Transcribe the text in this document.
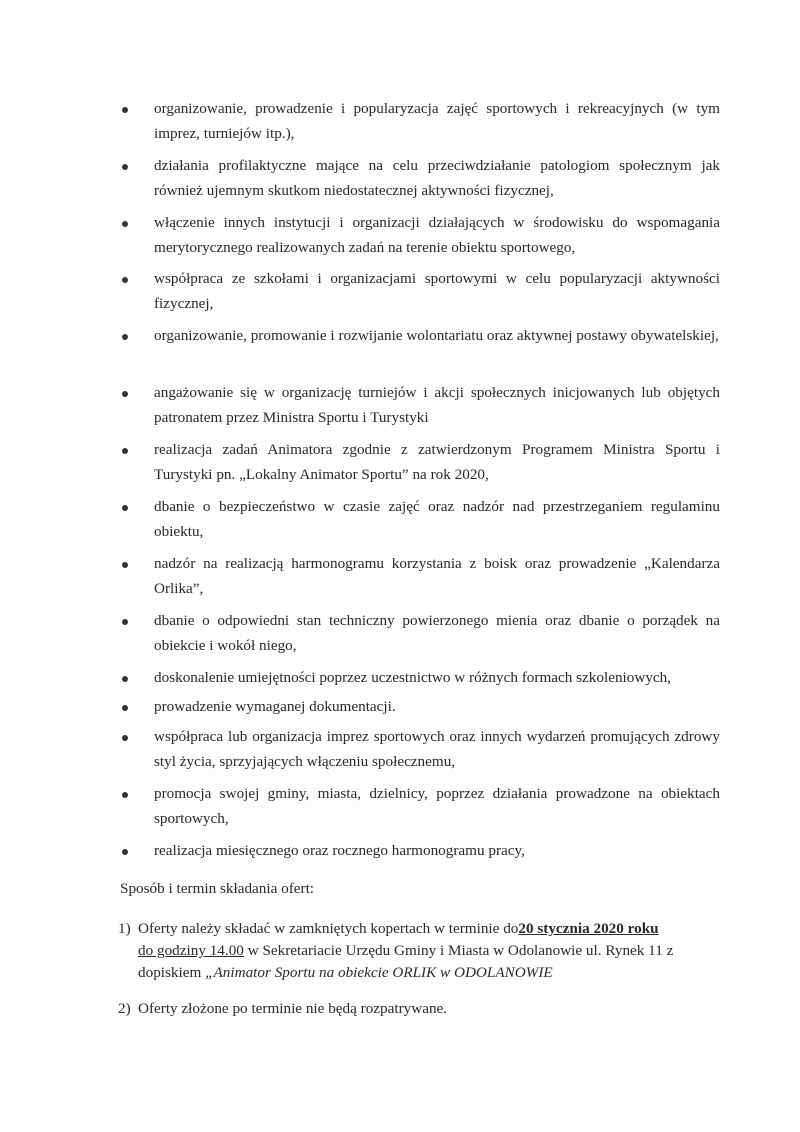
organizowanie, prowadzenie i popularyzacja zajęć sportowych i rekreacyjnych (w tym imprez, turniejów itp.),
działania profilaktyczne mające na celu przeciwdziałanie patologiom społecznym jak również ujemnym skutkom niedostatecznej aktywności fizycznej,
włączenie innych instytucji i organizacji działających w środowisku do wspomagania merytorycznego realizowanych zadań na terenie obiektu sportowego,
współpraca ze szkołami i organizacjami sportowymi w celu popularyzacji aktywności fizycznej,
organizowanie, promowanie i rozwijanie wolontariatu oraz aktywnej postawy obywatelskiej,
angażowanie się w organizację turniejów i akcji społecznych inicjowanych lub objętych patronatem przez Ministra Sportu i Turystyki
realizacja zadań Animatora zgodnie z zatwierdzonym Programem Ministra Sportu i Turystyki pn. „Lokalny Animator Sportu” na rok 2020,
dbanie o bezpieczeństwo w czasie zajęć oraz nadzór nad przestrzeganiem regulaminu obiektu,
nadzór na realizacją harmonogramu korzystania z boisk oraz prowadzenie „Kalendarza Orlika”,
dbanie o odpowiedni stan techniczny powierzonego mienia oraz dbanie o porządek na obiekcie i wokół niego,
doskonalenie umiejętności poprzez uczestnictwo w różnych formach szkoleniowych,
prowadzenie wymaganej dokumentacji.
współpraca lub organizacja imprez sportowych oraz innych wydarzeń promujących zdrowy styl życia, sprzyjających włączeniu społecznemu,
promocja swojej gminy, miasta, dzielnicy, poprzez działania prowadzone na obiektach sportowych,
realizacja miesięcznego oraz rocznego harmonogramu pracy,
Sposób i termin składania ofert:
1) Oferty należy składać w zamkniętych kopertach w terminie do20 stycznia 2020 roku
do godziny 14.00 w Sekretariacie Urzędu Gminy i Miasta w Odolanowie ul. Rynek 11 z dopiskiem „Animator Sportu na obiekcie ORLIK w ODOLANOWIE
2) Oferty złożone po terminie nie będą rozpatrywane.
